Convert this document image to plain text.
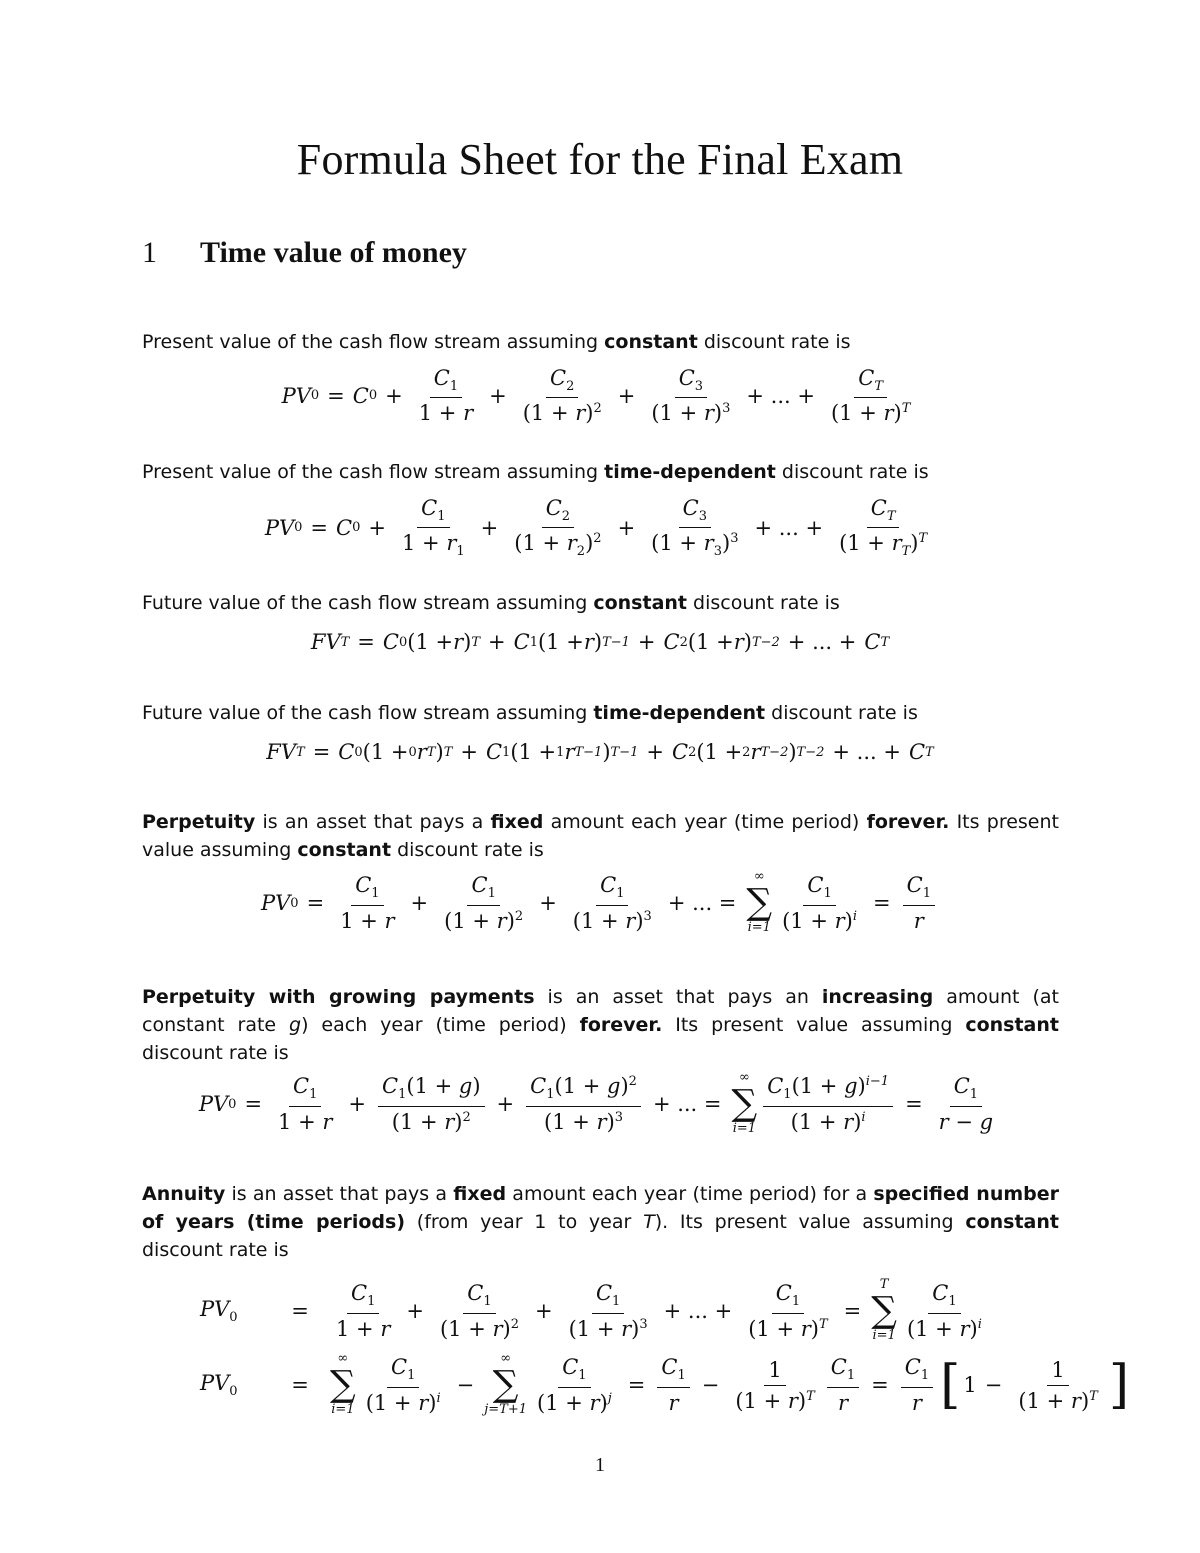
Formula Sheet for the Final Exam
1 Time value of money

Present value of the cash flow stream assuming constant discount rate is

PV 0 = C $0 + \frac{C_1}{1 + r} + \frac{C_2}{(1 + r)^2} + \frac{C_3}{(1 + r)^3}$ + ... + $\frac{C_T}{(1 + r)^T}$

Present value of the cash flow stream assuming time-dependent discount rate is

PV 0 = C $0 + \frac{C_1}{1 + r_1} + \frac{C_2}{(1 + r_2)^2} + \frac{C_3}{(1 + r_3)^3}$ + ... + $\frac{C_T}{(1 + r_T)^T}$

Future value of the cash flow stream assuming constant discount rate is

FV T = C 0 (1 + r ) T + C 1 (1 + r ) T−1 + C 2 (1 + r ) T−2 + ... + C T

Future value of the cash flow stream assuming time-dependent discount rate is

FV T = C 0 (1 + 0 r T ) T + C 1 (1 + 1 r T−1 ) T−1 + C 2 (1 + 2 r T−2 ) T−2 + ... + C T

Perpetuity is an asset that pays a fixed amount each year (time period) forever. Its present value assuming constant discount rate is

PV $0 = \frac{C_1}{1 + r} + \frac{C_1}{(1 + r)^2} + \frac{C_1}{(1 + r)^3}$ + ... =
∞
∑
$i=1 \frac{C_1}{(1 + r)^i} = \frac{C_1}{r}$

Perpetuity with growing payments is an asset that pays an increasing amount (at constant rate g) each year (time period) forever. Its present value assuming constant discount rate is

PV $0 = \frac{C_1}{1 + r} + \frac{C_1(1 + g)}{(1 + r)^2} + \frac{C_1(1 + g)^2}{(1 + r)^3}$ + ... =
∞
∑
$i=1 \frac{C_1(1 + g)^{i-1}}{(1 + r)^i} = \frac{C_1}{r - g}$

Annuity is an asset that pays a fixed amount each year (time period) for a specified number of years (time periods) (from year 1 to year T). Its present value assuming constant discount rate is

$PV_0$	=	$\frac{C_1}{1 + r} + \frac{C_1}{(1 + r)^2} + \frac{C_1}{(1 + r)^3}$ + ... + $\frac{C_1}{(1 + r)^T}$ =
T
∑
$i=1 \frac{C_1}{(1 + r)^i}$
$PV_0$	=
∞
∑
$i=1 \frac{C_1}{(1 + r)^i}$ −
∞
∑
$j=T+1 \frac{C_1}{(1 + r)^j} = \frac{C_1}{r} - \frac{1}{(1 + r)^T} \frac{C_1}{r} = \frac{C_1}{r}$ [ $1 - \frac{1}{(1 + r)^T}$ ]
1
